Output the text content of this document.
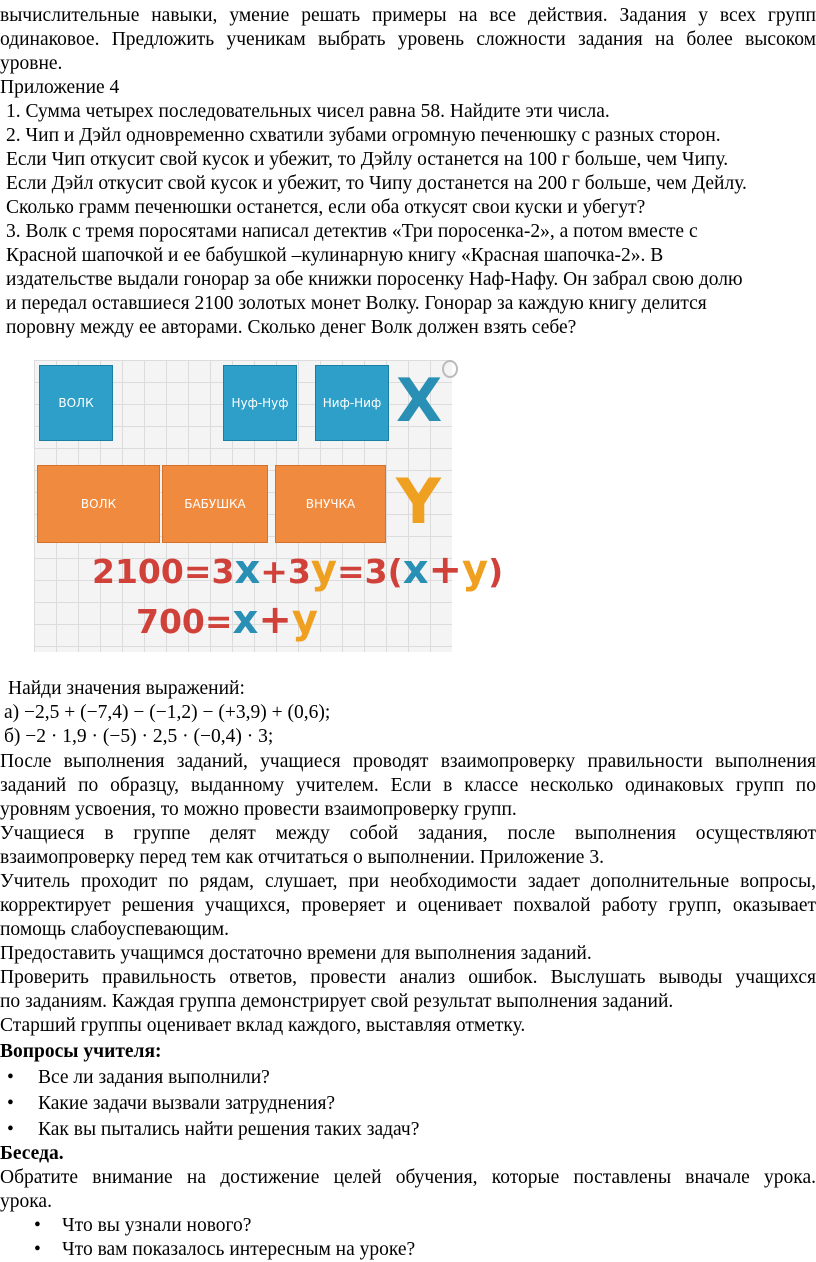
вычислительные навыки, умение решать примеры на все действия. Задания у всех групп
одинаковое. Предложить ученикам выбрать уровень сложности задания на более высоком
уровне.
Приложение 4
1. Сумма четырех последовательных чисел равна 58. Найдите эти числа.
2. Чип и Дэйл одновременно схватили зубами огромную печенюшку с разных сторон.
Если Чип откусит свой кусок и убежит, то Дэйлу останется на 100 г больше, чем Чипу.
Если Дэйл откусит свой кусок и убежит, то Чипу достанется на 200 г больше, чем Дейлу.
Сколько грамм печенюшки останется, если оба откусят свои куски и убегут?
3. Волк с тремя поросятами написал детектив «Три поросенка-2», а потом вместе с
Красной шапочкой и ее бабушкой –кулинарную книгу «Красная шапочка-2». В
издательстве выдали гонорар за обе книжки поросенку Наф-Нафу. Он забрал свою долю
и передал оставшиеся 2100 золотых монет Волку. Гонорар за каждую книгу делится
поровну между ее авторами. Сколько денег Волк должен взять себе?
ВОЛК	Нуф-Нуф	Ниф-Ниф X
ВОЛК	БАБУШКА	ВНУЧКА Y
2100=3x+3y=3(x+y)
700=x+y
Найди значения выражений:
а) −2,5 + (−7,4) − (−1,2) − (+3,9) + (0,6);
б) −2 · 1,9 · (−5) · 2,5 · (−0,4) · 3;
После выполнения заданий, учащиеся проводят взаимопроверку правильности выполнения
заданий по образцу, выданному учителем. Если в классе несколько одинаковых групп по
уровням усвоения, то можно провести взаимопроверку групп.
Учащиеся в группе делят между собой задания, после выполнения осуществляют
взаимопроверку перед тем как отчитаться о выполнении. Приложение 3.
Учитель проходит по рядам, слушает, при необходимости задает дополнительные вопросы,
корректирует решения учащихся, проверяет и оценивает похвалой работу групп, оказывает
помощь слабоуспевающим.
Предоставить учащимся достаточно времени для выполнения заданий.
Проверить правильность ответов, провести анализ ошибок. Выслушать выводы учащихся
по заданиям. Каждая группа демонстрирует свой результат выполнения заданий.
Старший группы оценивает вклад каждого, выставляя отметку.
Вопросы учителя:
• Все ли задания выполнили?
• Какие задачи вызвали затруднения?
• Как вы пытались найти решения таких задач?
Беседа.
Обратите внимание на достижение целей обучения, которые поставлены вначале урока.
урока.
• Что вы узнали нового?
• Что вам показалось интересным на уроке?
